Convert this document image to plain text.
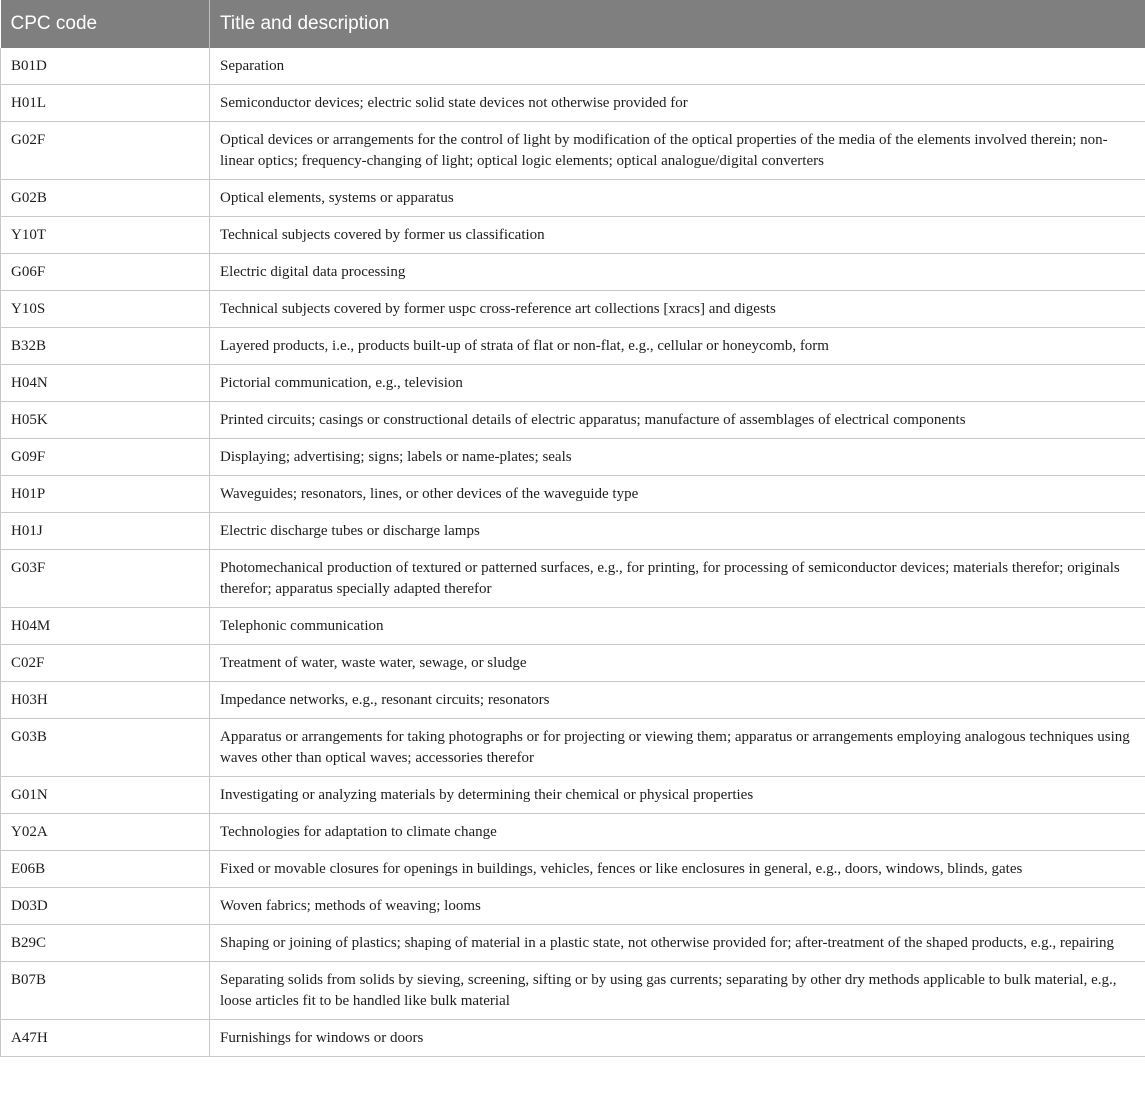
CPC code	Title and description
B01D	Separation
H01L	Semiconductor devices; electric solid state devices not otherwise provided for
G02F	Optical devices or arrangements for the control of light by modification of the optical properties of the media of the elements involved therein; non-linear optics; frequency-changing of light; optical logic elements; optical analogue/digital converters
G02B	Optical elements, systems or apparatus
Y10T	Technical subjects covered by former us classification
G06F	Electric digital data processing
Y10S	Technical subjects covered by former uspc cross-reference art collections [xracs] and digests
B32B	Layered products, i.e., products built-up of strata of flat or non-flat, e.g., cellular or honeycomb, form
H04N	Pictorial communication, e.g., television
H05K	Printed circuits; casings or constructional details of electric apparatus; manufacture of assemblages of electrical components
G09F	Displaying; advertising; signs; labels or name-plates; seals
H01P	Waveguides; resonators, lines, or other devices of the waveguide type
H01J	Electric discharge tubes or discharge lamps
G03F	Photomechanical production of textured or patterned surfaces, e.g., for printing, for processing of semiconductor devices; materials therefor; originals therefor; apparatus specially adapted therefor
H04M	Telephonic communication
C02F	Treatment of water, waste water, sewage, or sludge
H03H	Impedance networks, e.g., resonant circuits; resonators
G03B	Apparatus or arrangements for taking photographs or for projecting or viewing them; apparatus or arrangements employing analogous techniques using waves other than optical waves; accessories therefor
G01N	Investigating or analyzing materials by determining their chemical or physical properties
Y02A	Technologies for adaptation to climate change
E06B	Fixed or movable closures for openings in buildings, vehicles, fences or like enclosures in general, e.g., doors, windows, blinds, gates
D03D	Woven fabrics; methods of weaving; looms
B29C	Shaping or joining of plastics; shaping of material in a plastic state, not otherwise provided for; after-treatment of the shaped products, e.g., repairing
B07B	Separating solids from solids by sieving, screening, sifting or by using gas currents; separating by other dry methods applicable to bulk material, e.g., loose articles fit to be handled like bulk material
A47H	Furnishings for windows or doors
